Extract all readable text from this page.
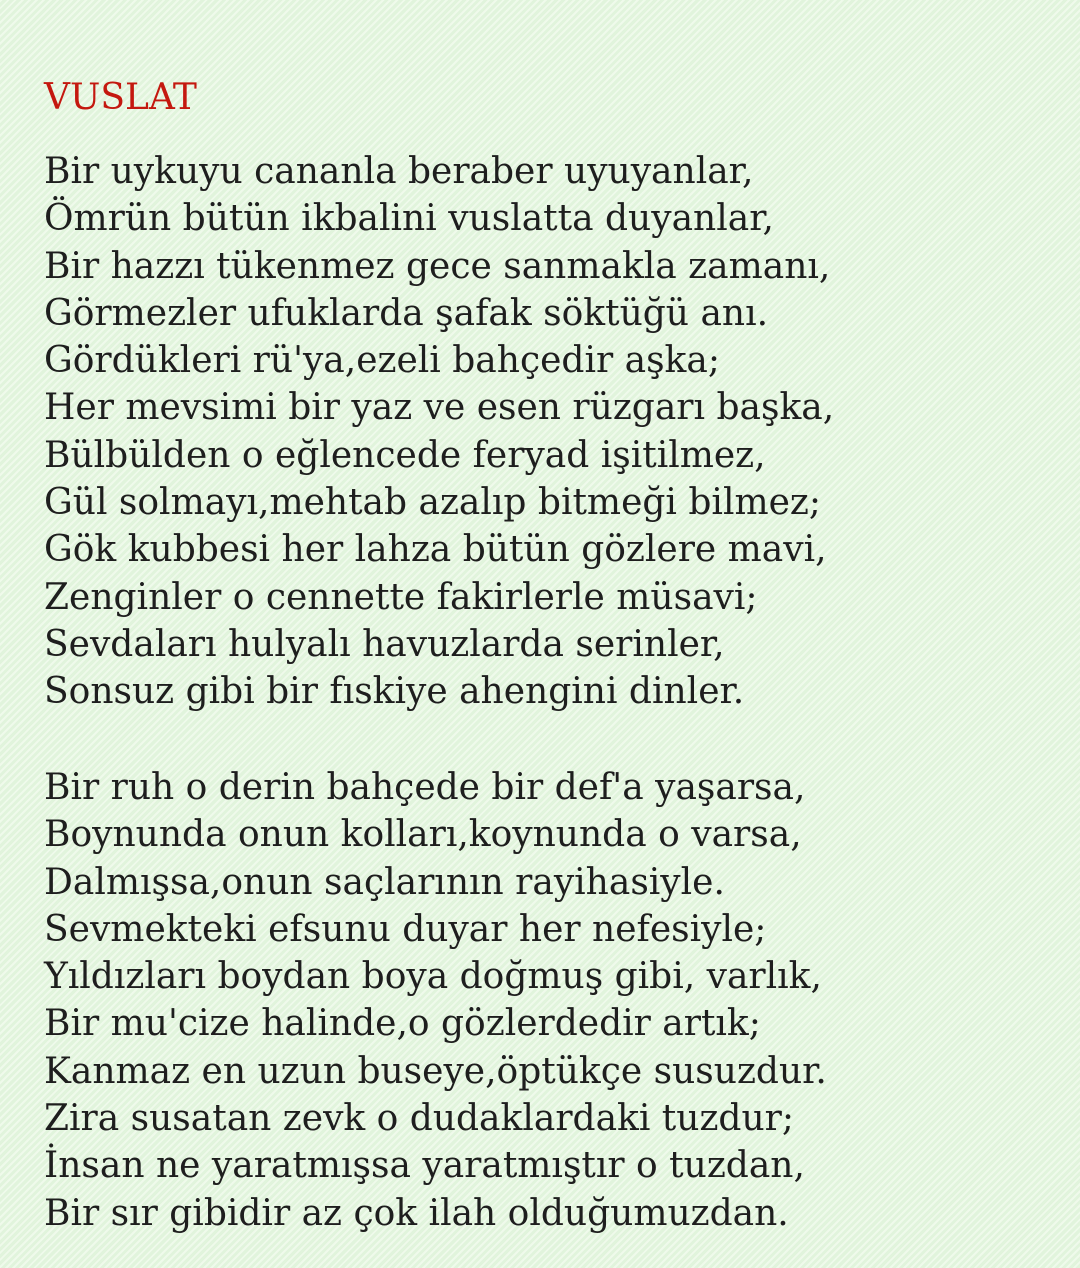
VUSLAT
Bir uykuyu cananla beraber uyuyanlar,
Ömrün bütün ikbalini vuslatta duyanlar,
Bir hazzı tükenmez gece sanmakla zamanı,
Görmezler ufuklarda şafak söktüğü anı.
Gördükleri rü'ya,ezeli bahçedir aşka;
Her mevsimi bir yaz ve esen rüzgarı başka,
Bülbülden o eğlencede feryad işitilmez,
Gül solmayı,mehtab azalıp bitmeği bilmez;
Gök kubbesi her lahza bütün gözlere mavi,
Zenginler o cennette fakirlerle müsavi;
Sevdaları hulyalı havuzlarda serinler,
Sonsuz gibi bir fıskiye ahengini dinler.
Bir ruh o derin bahçede bir def'a yaşarsa,
Boynunda onun kolları,koynunda o varsa,
Dalmışsa,onun saçlarının rayihasiyle.
Sevmekteki efsunu duyar her nefesiyle;
Yıldızları boydan boya doğmuş gibi, varlık,
Bir mu'cize halinde,o gözlerdedir artık;
Kanmaz en uzun buseye,öptükçe susuzdur.
Zira susatan zevk o dudaklardaki tuzdur;
İnsan ne yaratmışsa yaratmıştır o tuzdan,
Bir sır gibidir az çok ilah olduğumuzdan.
